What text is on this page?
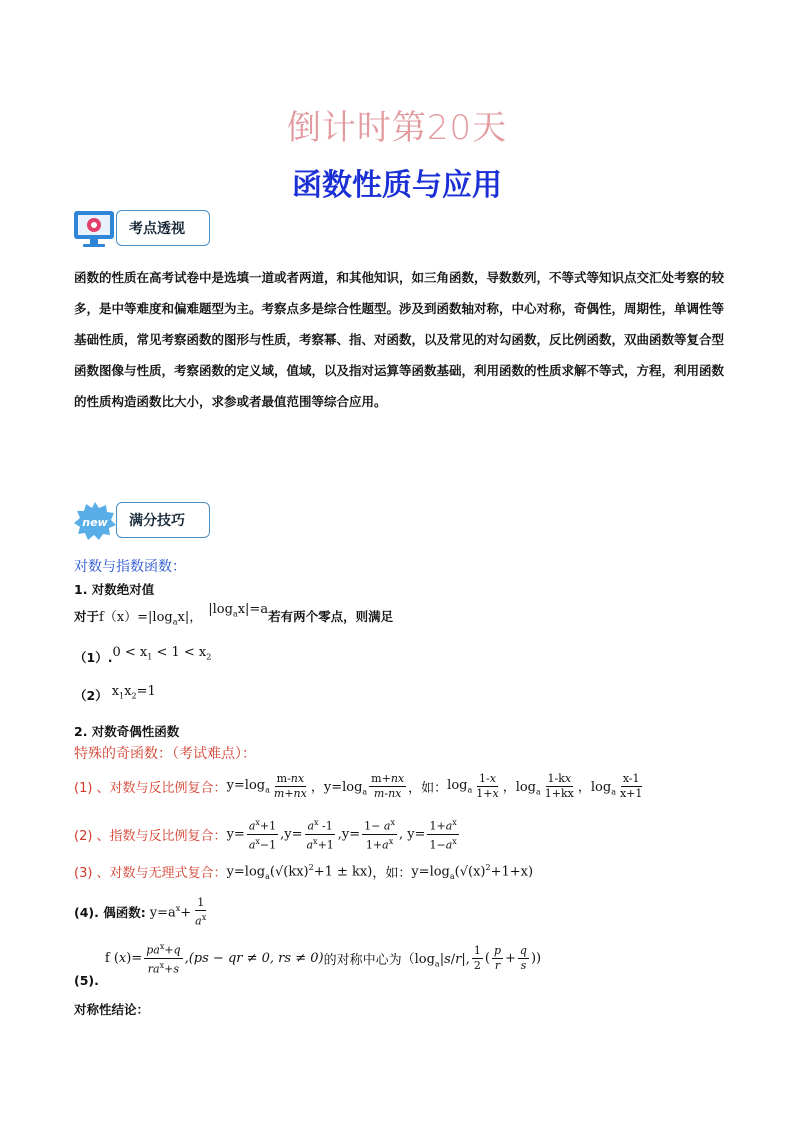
倒计时第20天
函数性质与应用
考点透视
函数的性质在高考试卷中是选填一道或者两道，和其他知识，如三角函数，导数数列，不等式等知识点交汇处考察的较多，是中等难度和偏难题型为主。考察点多是综合性题型。涉及到函数轴对称，中心对称，奇偶性，周期性，单调性等基础性质，常见考察函数的图形与性质，考察幂、指、对函数，以及常见的对勾函数，反比例函数，双曲函数等复合型函数图像与性质，考察函数的定义域，值域，以及指对运算等函数基础，利用函数的性质求解不等式，方程，利用函数的性质构造函数比大小，求参或者最值范围等综合应用。
new	满分技巧
对数与指数函数：
1. 对数绝对值
对于 $f(x)=|\log_ax|$，
$|\log_ax|=a$ 若有两个零点，则满足
（1）. $0 < x_1 < 1 < x_2$
（2） $x_1x_2=1$
2. 对数奇偶性函数
特殊的奇函数：（考试难点）：
(1) 、对数与反比例复合： $y=\log_a \frac{m-nx}{m+nx}$ ，$y=\log_a \frac{m+nx}{m-nx}$ ， 如： $\log_a \frac{1-x}{1+x}$ ，$\log_a \frac{1-kx}{1+kx}$ ，$\log_a \frac{x-1}{x+1}$
(2) 、指数与反比例复合： $y= \frac{a^x+1}{a^x-1} ,y= \frac{a^x -1}{a^x+1} ,y= \frac{1- a^x}{1+a^x}$ , $y= \frac{1+a^x}{1-a^x}$
(3) 、对数与无理式复合： $y=\log_a(√(kx)^2+1 \pm kx)$ ，如： $y=\log_a(√(x)^2+1+x)$
(4). 偶函数: $y=a^x+ \frac{1}{a^x}$
(5).
f $(x)= \frac{pa^x+q}{ra^x+s} ,(ps$ − qr ≠ 0, rs ≠ 0) 的对称中心为 （$\log_a|s/r|$, $\frac{1}{2}$ ( $\frac{p}{r} + \frac{q}{s}$ ))
对称性结论：
